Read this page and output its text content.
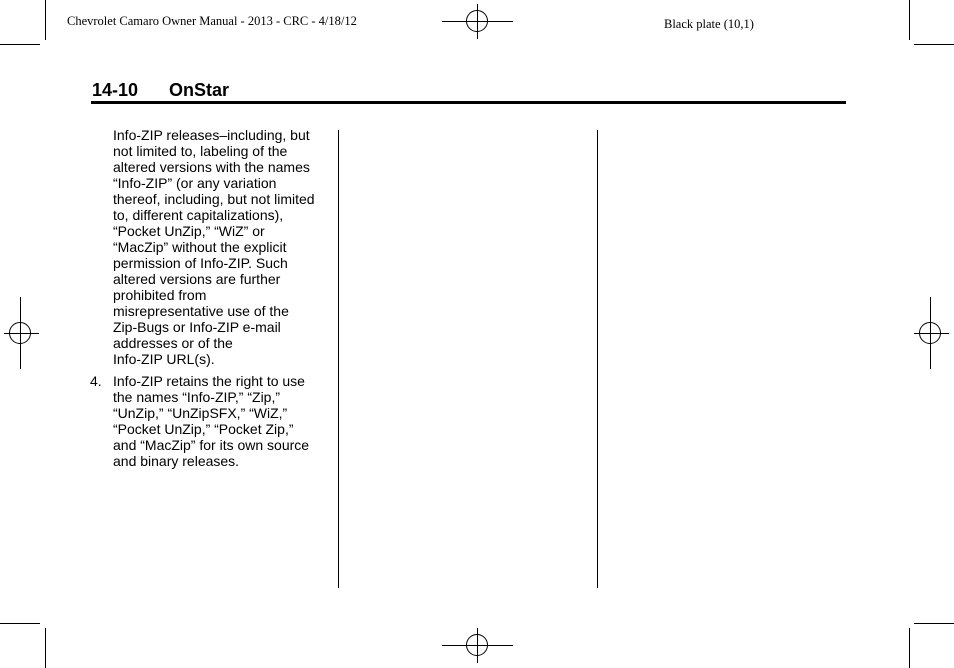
Chevrolet Camaro Owner Manual - 2013 - CRC - 4/18/12	Black plate (10,1)
14-10 OnStar

Info-ZIP releases–including, but
not limited to, labeling of the
altered versions with the names
“Info-ZIP” (or any variation
thereof, including, but not limited
to, different capitalizations),
“Pocket UnZip,” “WiZ” or
“MacZip” without the explicit
permission of Info-ZIP. Such
altered versions are further
prohibited from
misrepresentative use of the
Zip-Bugs or Info-ZIP e-mail
addresses or of the
Info-ZIP URL(s).

4. Info-ZIP retains the right to use
the names “Info-ZIP,” “Zip,”
“UnZip,” “UnZipSFX,” “WiZ,”
“Pocket UnZip,” “Pocket Zip,”
and “MacZip” for its own source
and binary releases.
